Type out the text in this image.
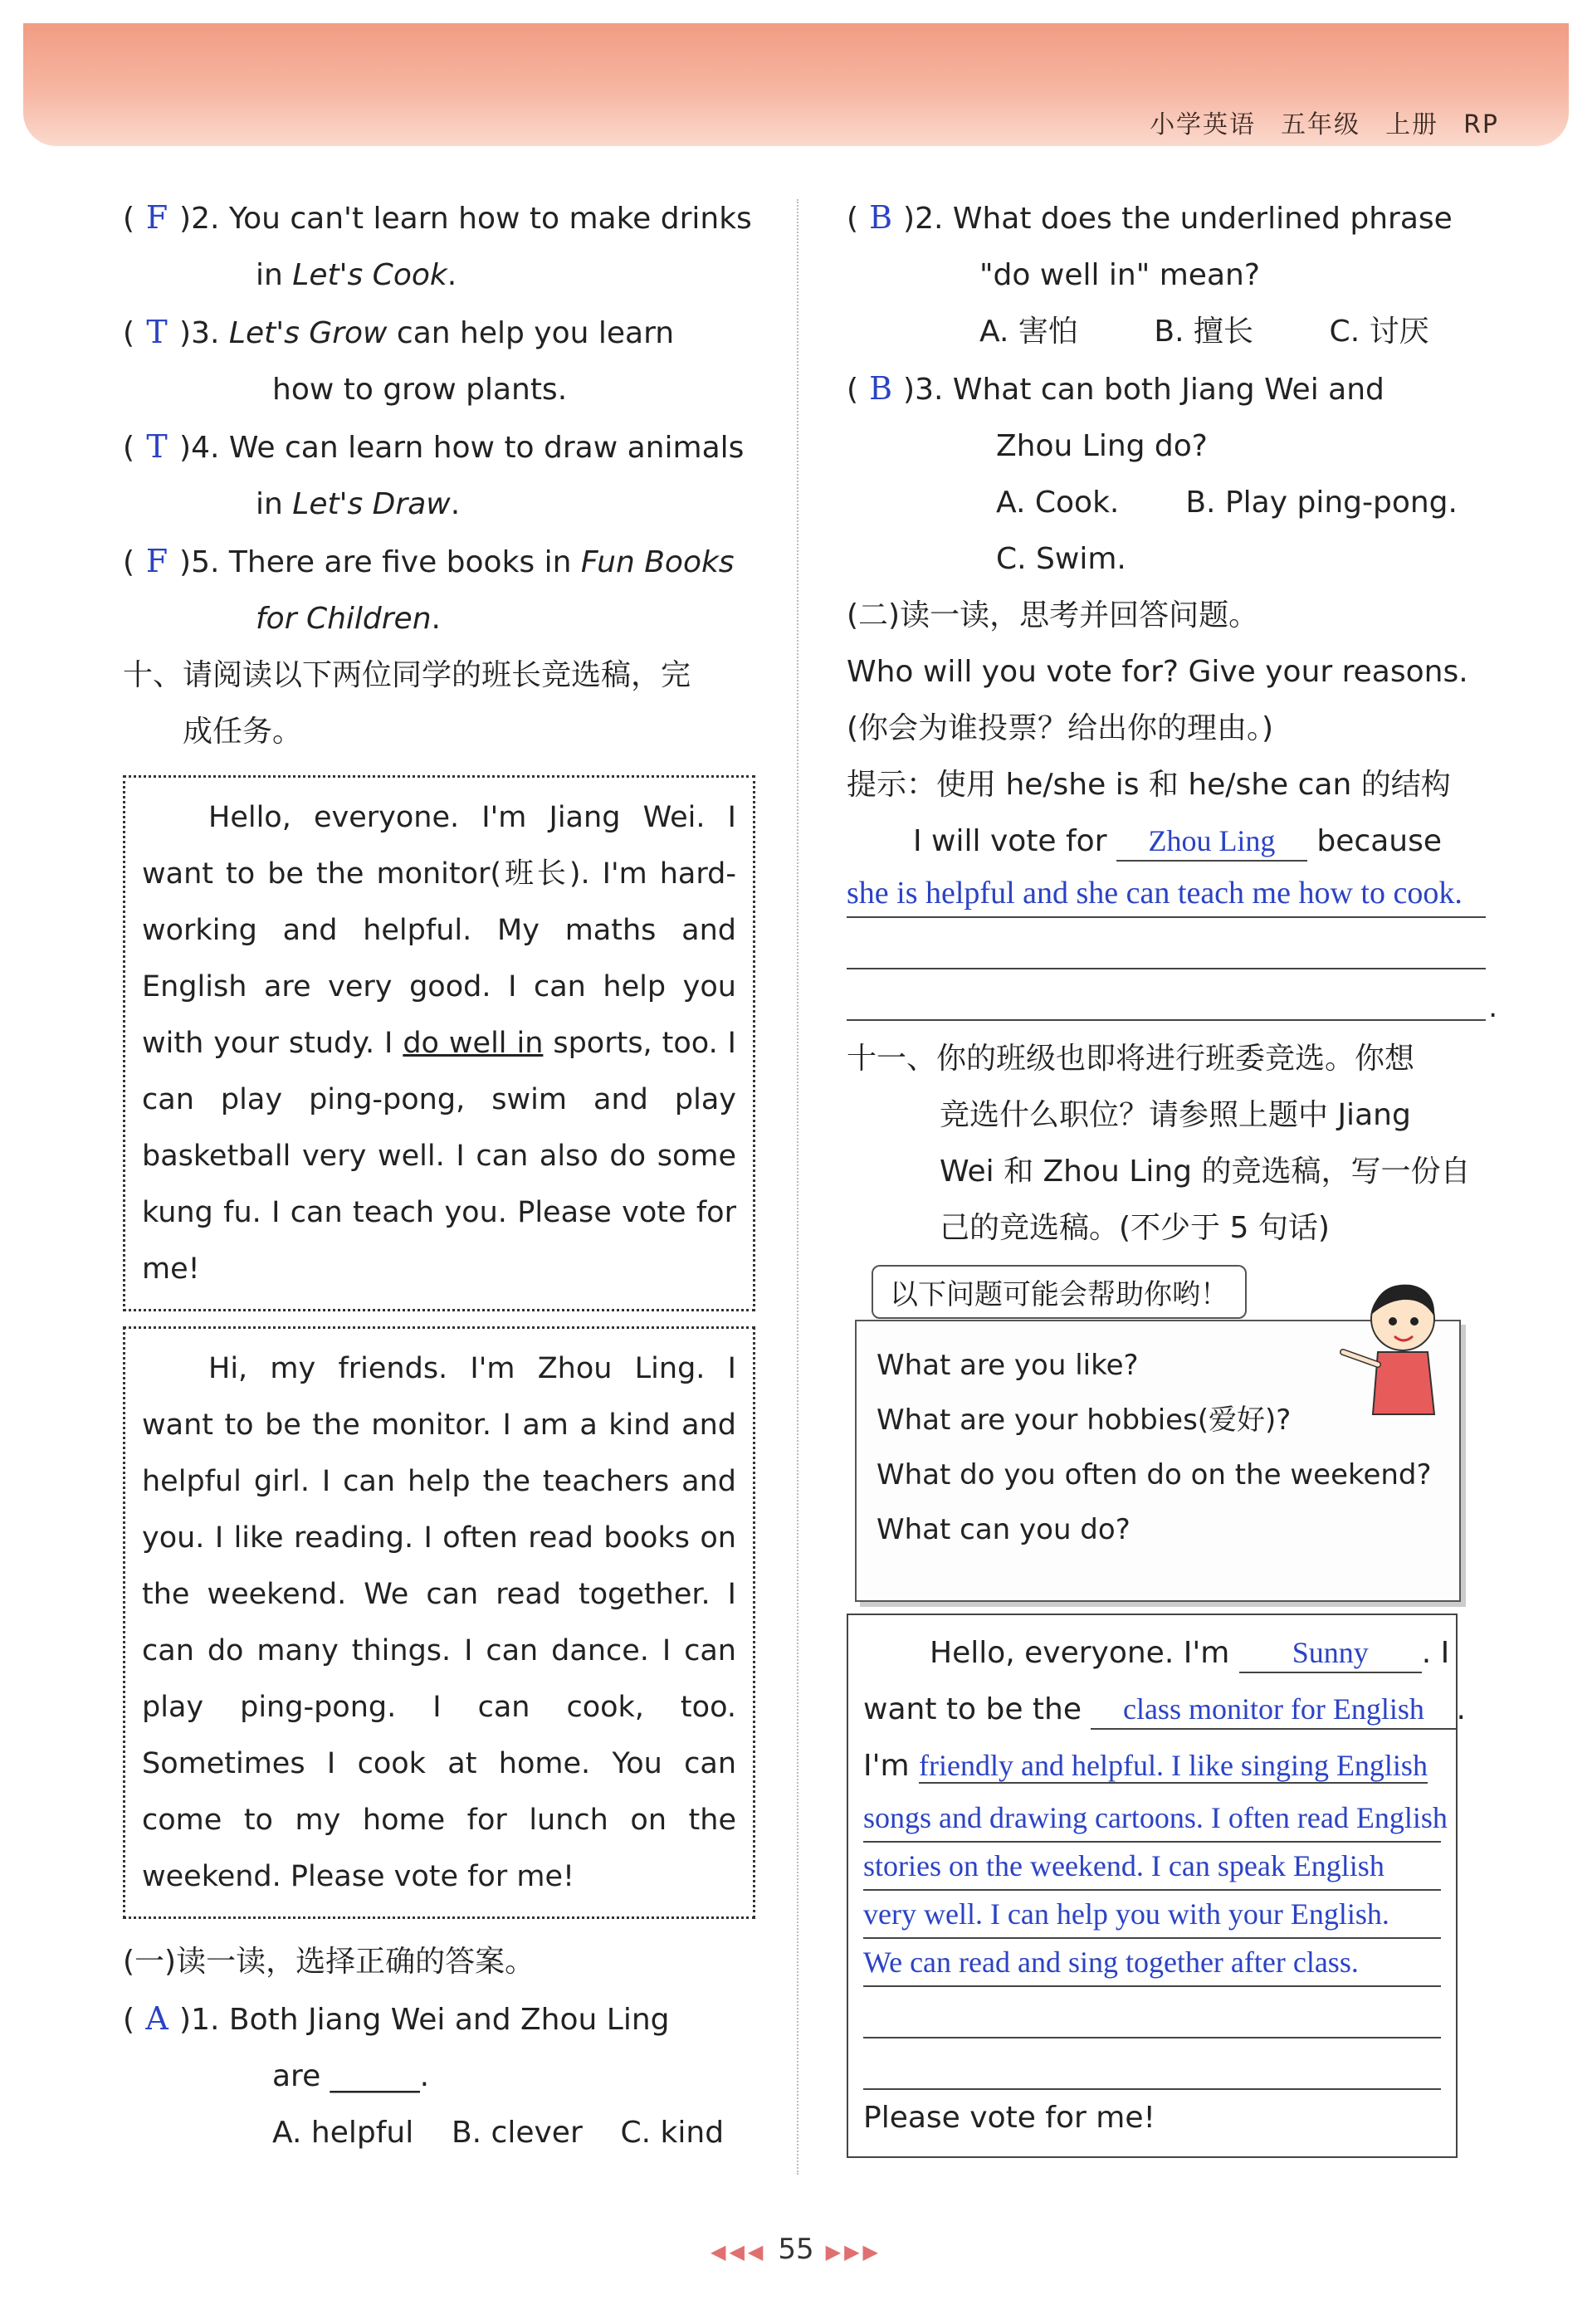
小学英语 五年级 上册 RP
( F )2. You can't learn how to make drinks
in Let's Cook.
( T )3. Let's Grow can help you learn
how to grow plants.
( T )4. We can learn how to draw animals
in Let's Draw.
( F )5. There are five books in Fun Books
for Children.
十、请阅读以下两位同学的班长竞选稿，完
成任务。

Hello, everyone. I'm Jiang Wei. I want to be the monitor(班长). I'm hard-working and helpful. My maths and English are very good. I can help you with your study. I do well in sports, too. I can play ping-pong, swim and play basketball very well. I can also do some kung fu. I can teach you. Please vote for me!

Hi, my friends. I'm Zhou Ling. I want to be the monitor. I am a kind and helpful girl. I can help the teachers and you. I like reading. I often read books on the weekend. We can read together. I can do many things. I can dance. I can play ping-pong. I can cook, too. Sometimes I cook at home. You can come to my home for lunch on the weekend. Please vote for me!

(一)读一读，选择正确的答案。
( A )1. Both Jiang Wei and Zhou Ling
are ______.
A. helpful    B. clever    C. kind
( B )2. What does the underlined phrase
"do well in" mean?
A. 害怕        B. 擅长        C. 讨厌
( B )3. What can both Jiang Wei and
Zhou Ling do?
A. Cook. B. Play ping-pong.
C. Swim.
(二)读一读，思考并回答问题。
Who will you vote for? Give your reasons.
(你会为谁投票？给出你的理由。)
提示：使用 he/she is 和 he/she can 的结构
I will vote for Zhou Ling because
she is helpful and she can teach me how to cook.
.
十一、你的班级也即将进行班委竞选。你想
竞选什么职位？请参照上题中 Jiang
Wei 和 Zhou Ling 的竞选稿，写一份自
己的竞选稿。(不少于 5 句话)
What are you like?
What are your hobbies(爱好)?
What do you often do on the weekend?
What can you do?
以下问题可能会帮助你哟！
Hello, everyone. I'm Sunny . I
want to be the class monitor for English .
I'm friendly and helpful. I like singing English
songs and drawing cartoons. I often read English
stories on the weekend. I can speak English
very well. I can help you with your English.
We can read and sing together after class.
Please vote for me!
◀◀◀ 55 ▶▶▶
